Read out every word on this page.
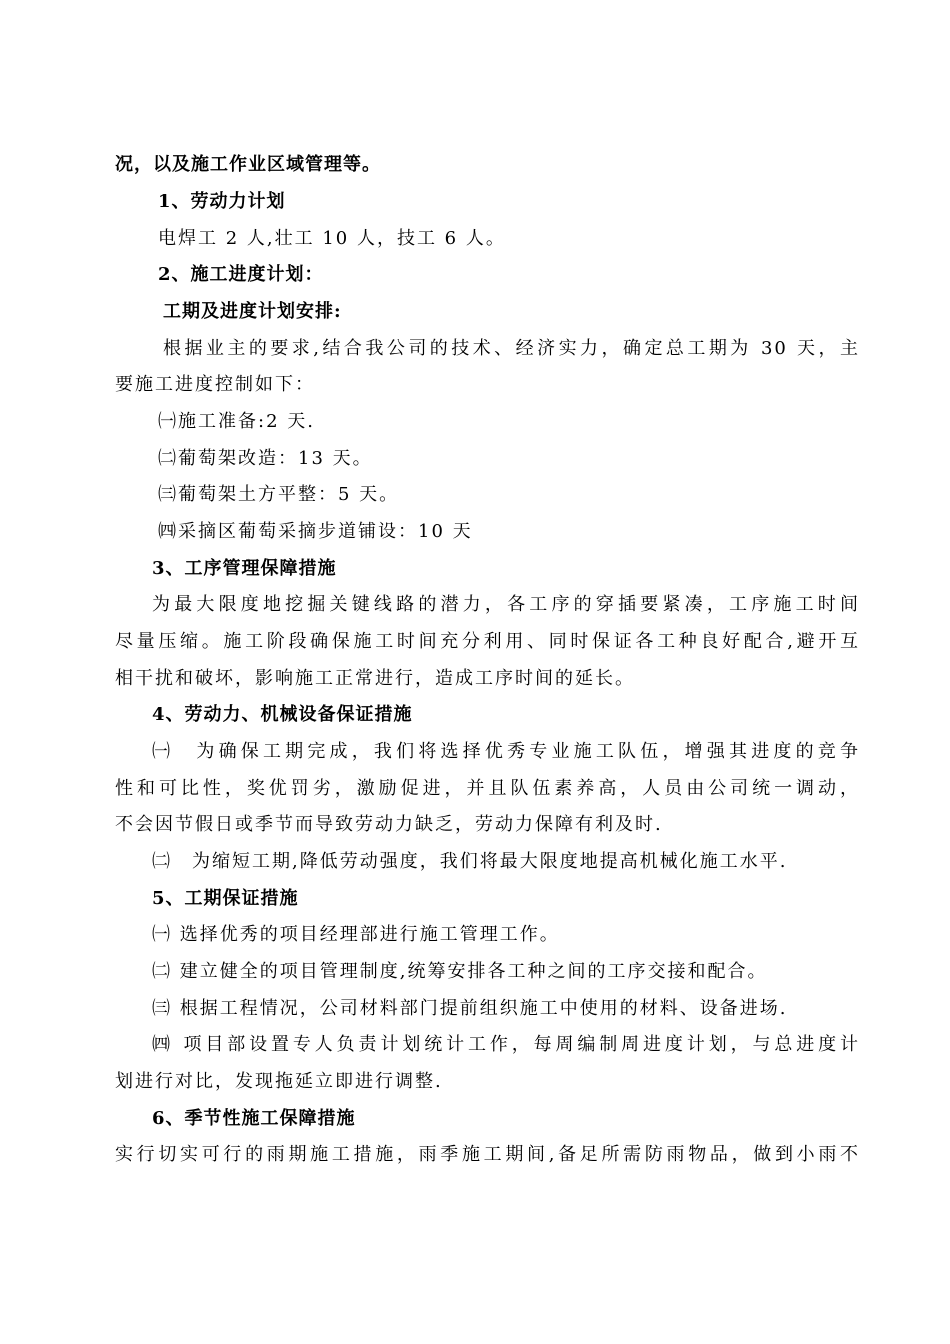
况，以及施工作业区域管理等。
1、劳动力计划
电焊工 2 人,壮工 10 人，技工 6 人。
2、施工进度计划：
工期及进度计划安排:
根据业主的要求,结合我公司的技术、经济实力，确定总工期为 30 天，主
要施工进度控制如下：
㈠施工准备:2 天.
㈡葡萄架改造：13 天。
㈢葡萄架土方平整：5 天。
㈣采摘区葡萄采摘步道铺设：10 天
3、工序管理保障措施
为最大限度地挖掘关键线路的潜力，各工序的穿插要紧凑，工序施工时间
尽量压缩。施工阶段确保施工时间充分利用、同时保证各工种良好配合,避开互
相干扰和破坏，影响施工正常进行，造成工序时间的延长。
4、劳动力、机械设备保证措施
㈠　为确保工期完成，我们将选择优秀专业施工队伍，增强其进度的竞争
性和可比性，奖优罚劣，激励促进，并且队伍素养高，人员由公司统一调动，
不会因节假日或季节而导致劳动力缺乏，劳动力保障有利及时.
㈡　为缩短工期,降低劳动强度，我们将最大限度地提高机械化施工水平.
5、工期保证措施
㈠ 选择优秀的项目经理部进行施工管理工作。
㈡ 建立健全的项目管理制度,统筹安排各工种之间的工序交接和配合。
㈢ 根据工程情况，公司材料部门提前组织施工中使用的材料、设备进场.
㈣ 项目部设置专人负责计划统计工作，每周编制周进度计划，与总进度计
划进行对比，发现拖延立即进行调整.
6、季节性施工保障措施
实行切实可行的雨期施工措施，雨季施工期间,备足所需防雨物品，做到小雨不
